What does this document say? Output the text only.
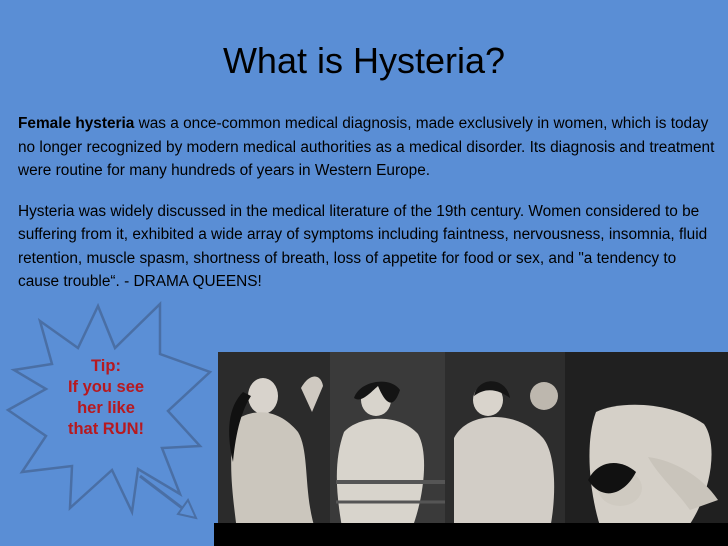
What is Hysteria?

Female hysteria was a once-common medical diagnosis, made exclusively in women, which is today no longer recognized by modern medical authorities as a medical disorder. Its diagnosis and treatment were routine for many hundreds of years in Western Europe.

Hysteria was widely discussed in the medical literature of the 19th century. Women considered to be suffering from it, exhibited a wide array of symptoms including faintness, nervousness, insomnia, fluid retention, muscle spasm, shortness of breath, loss of appetite for food or sex, and "a tendency to cause trouble“. - DRAMA QUEENS!

Tip:
If you see
her like
that RUN!
